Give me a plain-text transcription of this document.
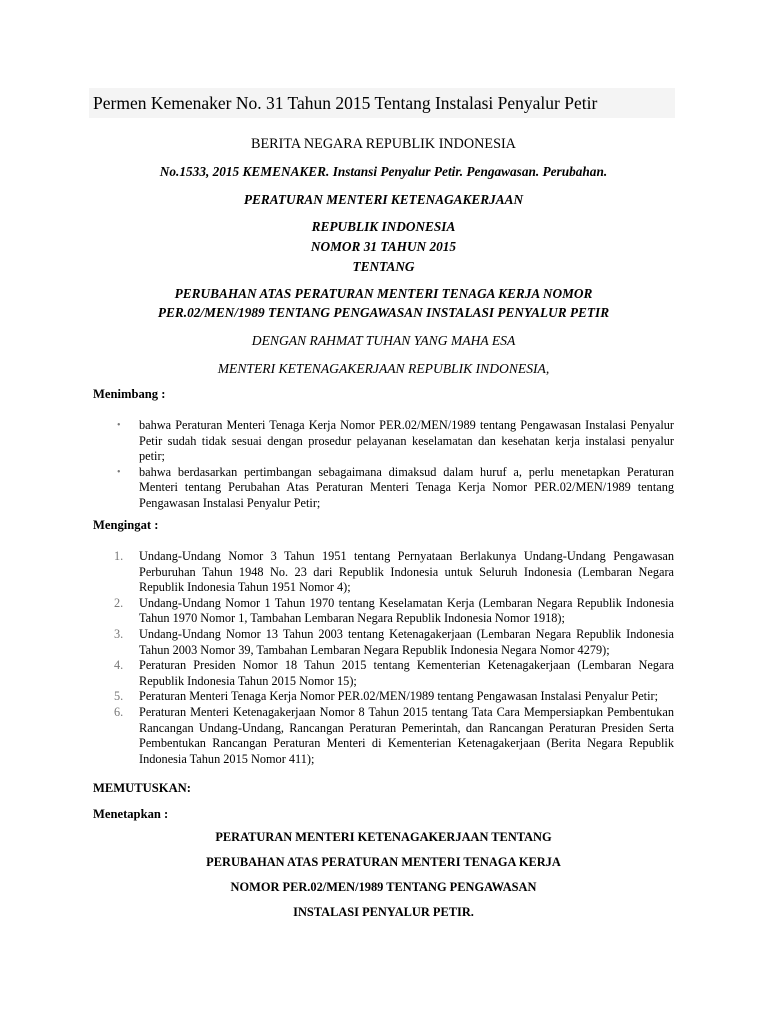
Permen Kemenaker No. 31 Tahun 2015 Tentang Instalasi Penyalur Petir
BERITA NEGARA REPUBLIK INDONESIA
No.1533, 2015 KEMENAKER. Instansi Penyalur Petir. Pengawasan. Perubahan.
PERATURAN MENTERI KETENAGAKERJAAN
REPUBLIK INDONESIA
NOMOR 31 TAHUN 2015
TENTANG
PERUBAHAN ATAS PERATURAN MENTERI TENAGA KERJA NOMOR
PER.02/MEN/1989 TENTANG PENGAWASAN INSTALASI PENYALUR PETIR
DENGAN RAHMAT TUHAN YANG MAHA ESA
MENTERI KETENAGAKERJAAN REPUBLIK INDONESIA,
Menimbang :
• bahwa Peraturan Menteri Tenaga Kerja Nomor PER.02/MEN/1989 tentang Pengawasan Instalasi Penyalur Petir sudah tidak sesuai dengan prosedur pelayanan keselamatan dan kesehatan kerja instalasi penyalur petir;
• bahwa berdasarkan pertimbangan sebagaimana dimaksud dalam huruf a, perlu menetapkan Peraturan Menteri tentang Perubahan Atas Peraturan Menteri Tenaga Kerja Nomor PER.02/MEN/1989 tentang Pengawasan Instalasi Penyalur Petir;
Mengingat :
1. Undang-Undang Nomor 3 Tahun 1951 tentang Pernyataan Berlakunya Undang-Undang Pengawasan Perburuhan Tahun 1948 No. 23 dari Republik Indonesia untuk Seluruh Indonesia (Lembaran Negara Republik Indonesia Tahun 1951 Nomor 4);
2. Undang-Undang Nomor 1 Tahun 1970 tentang Keselamatan Kerja (Lembaran Negara Republik Indonesia Tahun 1970 Nomor 1, Tambahan Lembaran Negara Republik Indonesia Nomor 1918);
3. Undang-Undang Nomor 13 Tahun 2003 tentang Ketenagakerjaan (Lembaran Negara Republik Indonesia Tahun 2003 Nomor 39, Tambahan Lembaran Negara Republik Indonesia Negara Nomor 4279);
4. Peraturan Presiden Nomor 18 Tahun 2015 tentang Kementerian Ketenagakerjaan (Lembaran Negara Republik Indonesia Tahun 2015 Nomor 15);
5. Peraturan Menteri Tenaga Kerja Nomor PER.02/MEN/1989 tentang Pengawasan Instalasi Penyalur Petir;
6. Peraturan Menteri Ketenagakerjaan Nomor 8 Tahun 2015 tentang Tata Cara Mempersiapkan Pembentukan Rancangan Undang-Undang, Rancangan Peraturan Pemerintah, dan Rancangan Peraturan Presiden Serta Pembentukan Rancangan Peraturan Menteri di Kementerian Ketenagakerjaan (Berita Negara Republik Indonesia Tahun 2015 Nomor 411);
MEMUTUSKAN:
Menetapkan :
PERATURAN MENTERI KETENAGAKERJAAN TENTANG
PERUBAHAN ATAS PERATURAN MENTERI TENAGA KERJA
NOMOR PER.02/MEN/1989 TENTANG PENGAWASAN
INSTALASI PENYALUR PETIR.
